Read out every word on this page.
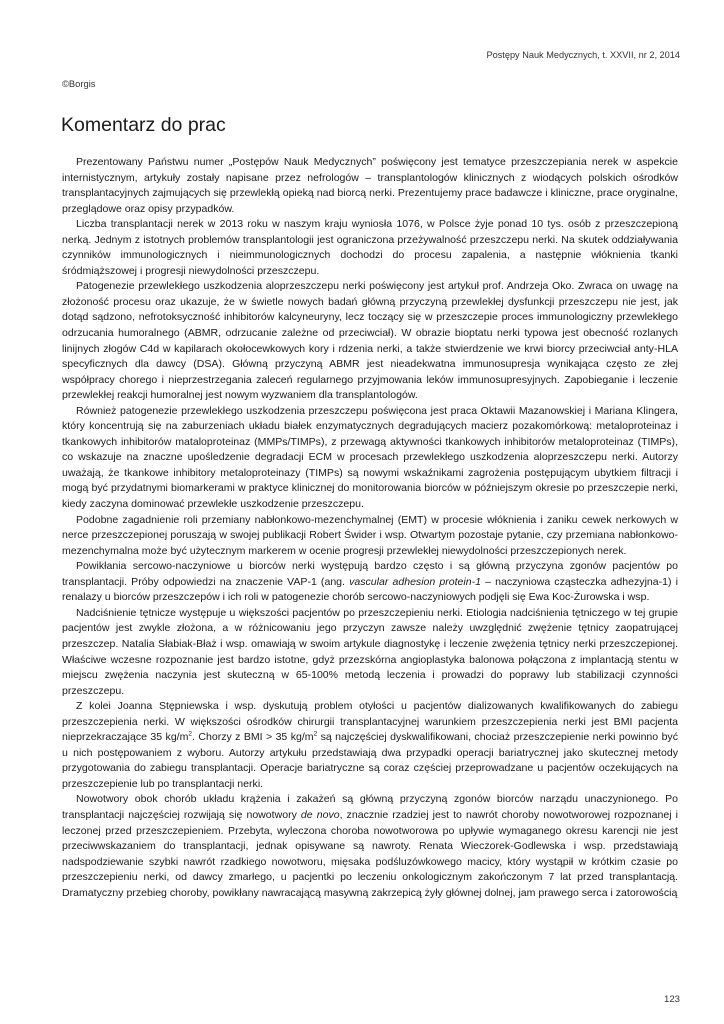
Postępy Nauk Medycznych, t. XXVII, nr 2, 2014
©Borgis
Komentarz do prac

Prezentowany Państwu numer „Postępów Nauk Medycznych” poświęcony jest tematyce przeszczepiania nerek w aspekcie internistycznym, artykuły zostały napisane przez nefrologów – transplantologów klinicznych z wiodących polskich ośrodków transplantacyjnych zajmujących się przewlekłą opieką nad biorcą nerki. Prezentujemy prace badawcze i kliniczne, prace oryginalne, przeglądowe oraz opisy przypadków.

Liczba transplantacji nerek w 2013 roku w naszym kraju wyniosła 1076, w Polsce żyje ponad 10 tys. osób z przeszczepioną nerką. Jednym z istotnych problemów transplantologii jest ograniczona przeżywalność przeszczepu nerki. Na skutek oddziaływania czynników immunologicznych i nieimmunologicznych dochodzi do procesu zapalenia, a następnie włóknienia tkanki śródmiąższowej i progresji niewydolności przeszczepu.

Patogenezie przewlekłego uszkodzenia aloprzeszczepu nerki poświęcony jest artykuł prof. Andrzeja Oko. Zwraca on uwagę na złożoność procesu oraz ukazuje, że w świetle nowych badań główną przyczyną przewlekłej dysfunkcji przeszczepu nie jest, jak dotąd sądzono, nefrotoksyczność inhibitorów kalcyneuryny, lecz toczący się w przeszczepie proces immunologiczny przewlekłego odrzucania humoralnego (ABMR, odrzucanie zależne od przeciwciał). W obrazie bioptatu nerki typowa jest obecność rozlanych linijnych złogów C4d w kapilarach okołocewkowych kory i rdzenia nerki, a także stwierdzenie we krwi biorcy przeciwciał anty-HLA specyficznych dla dawcy (DSA). Główną przyczyną ABMR jest nieadekwatna immunosupresja wynikająca często ze złej współpracy chorego i nieprzestrzegania zaleceń regularnego przyjmowania leków immunosupresyjnych. Zapobieganie i leczenie przewlekłej reakcji humoralnej jest nowym wyzwaniem dla transplantologów.

Również patogenezie przewlekłego uszkodzenia przeszczepu poświęcona jest praca Oktawii Mazanowskiej i Mariana Klingera, który koncentrują się na zaburzeniach układu białek enzymatycznych degradujących macierz pozakomórkową: metaloproteinaz i tkankowych inhibitorów mataloproteinaz (MMPs/TIMPs), z przewagą aktywności tkankowych inhibitorów metaloproteinaz (TIMPs), co wskazuje na znaczne upośledzenie degradacji ECM w procesach przewlekłego uszkodzenia aloprzeszczepu nerki. Autorzy uważają, że tkankowe inhibitory metaloproteinazy (TIMPs) są nowymi wskaźnikami zagrożenia postępującym ubytkiem filtracji i mogą być przydatnymi biomarkerami w praktyce klinicznej do monitorowania biorców w późniejszym okresie po przeszczepie nerki, kiedy zaczyna dominować przewlekłe uszkodzenie przeszczepu.

Podobne zagadnienie roli przemiany nabłonkowo-mezenchymalnej (EMT) w procesie włóknienia i zaniku cewek nerkowych w nerce przeszczepionej poruszają w swojej publikacji Robert Świder i wsp. Otwartym pozostaje pytanie, czy przemiana nabłonkowo-mezenchymalna może być użytecznym markerem w ocenie progresji przewlekłej niewydolności przeszczepionych nerek.

Powikłania sercowo-naczyniowe u biorców nerki występują bardzo często i są główną przyczyna zgonów pacjentów po transplantacji. Próby odpowiedzi na znaczenie VAP-1 (ang. vascular adhesion protein-1 – naczyniowa cząsteczka adhezyjna-1) i renalazy u biorców przeszczepów i ich roli w patogenezie chorób sercowo-naczyniowych podjęli się Ewa Koc-Żurowska i wsp.

Nadciśnienie tętnicze występuje u większości pacjentów po przeszczepieniu nerki. Etiologia nadciśnienia tętniczego w tej grupie pacjentów jest zwykle złożona, a w różnicowaniu jego przyczyn zawsze należy uwzględnić zwężenie tętnicy zaopatrującej przeszczep. Natalia Słabiak-Błaż i wsp. omawiają w swoim artykule diagnostykę i leczenie zwężenia tętnicy nerki przeszczepionej. Właściwe wczesne rozpoznanie jest bardzo istotne, gdyż przezskórna angioplastyka balonowa połączona z implantacją stentu w miejscu zwężenia naczynia jest skuteczną w 65-100% metodą leczenia i prowadzi do poprawy lub stabilizacji czynności przeszczepu.

Z kolei Joanna Stępniewska i wsp. dyskutują problem otyłości u pacjentów dializowanych kwalifikowanych do zabiegu przeszczepienia nerki. W większości ośrodków chirurgii transplantacyjnej warunkiem przeszczepienia nerki jest BMI pacjenta nieprzekraczające 35 $kg/m^2$. Chorzy z BMI > 35 $kg/m^2$ są najczęściej dyskwalifikowani, chociaż przeszczepienie nerki powinno być u nich postępowaniem z wyboru. Autorzy artykułu przedstawiają dwa przypadki operacji bariatrycznej jako skutecznej metody przygotowania do zabiegu transplantacji. Operacje bariatryczne są coraz częściej przeprowadzane u pacjentów oczekujących na przeszczepienie lub po transplantacji nerki.

Nowotwory obok chorób układu krążenia i zakażeń są główną przyczyną zgonów biorców narządu unaczynionego. Po transplantacji najczęściej rozwijają się nowotwory de novo, znacznie rzadziej jest to nawrót choroby nowotworowej rozpoznanej i leczonej przed przeszczepieniem. Przebyta, wyleczona choroba nowotworowa po upływie wymaganego okresu karencji nie jest przeciwwskazaniem do transplantacji, jednak opisywane są nawroty. Renata Wieczorek-Godlewska i wsp. przedstawiają nadspodziewanie szybki nawrót rzadkiego nowotworu, mięsaka podśluzówkowego macicy, który wystąpił w krótkim czasie po przeszczepieniu nerki, od dawcy zmarłego, u pacjentki po leczeniu onkologicznym zakończonym 7 lat przed transplantacją. Dramatyczny przebieg choroby, powikłany nawracającą masywną zakrzepicą żyły głównej dolnej, jam prawego serca i zatorowością

123
